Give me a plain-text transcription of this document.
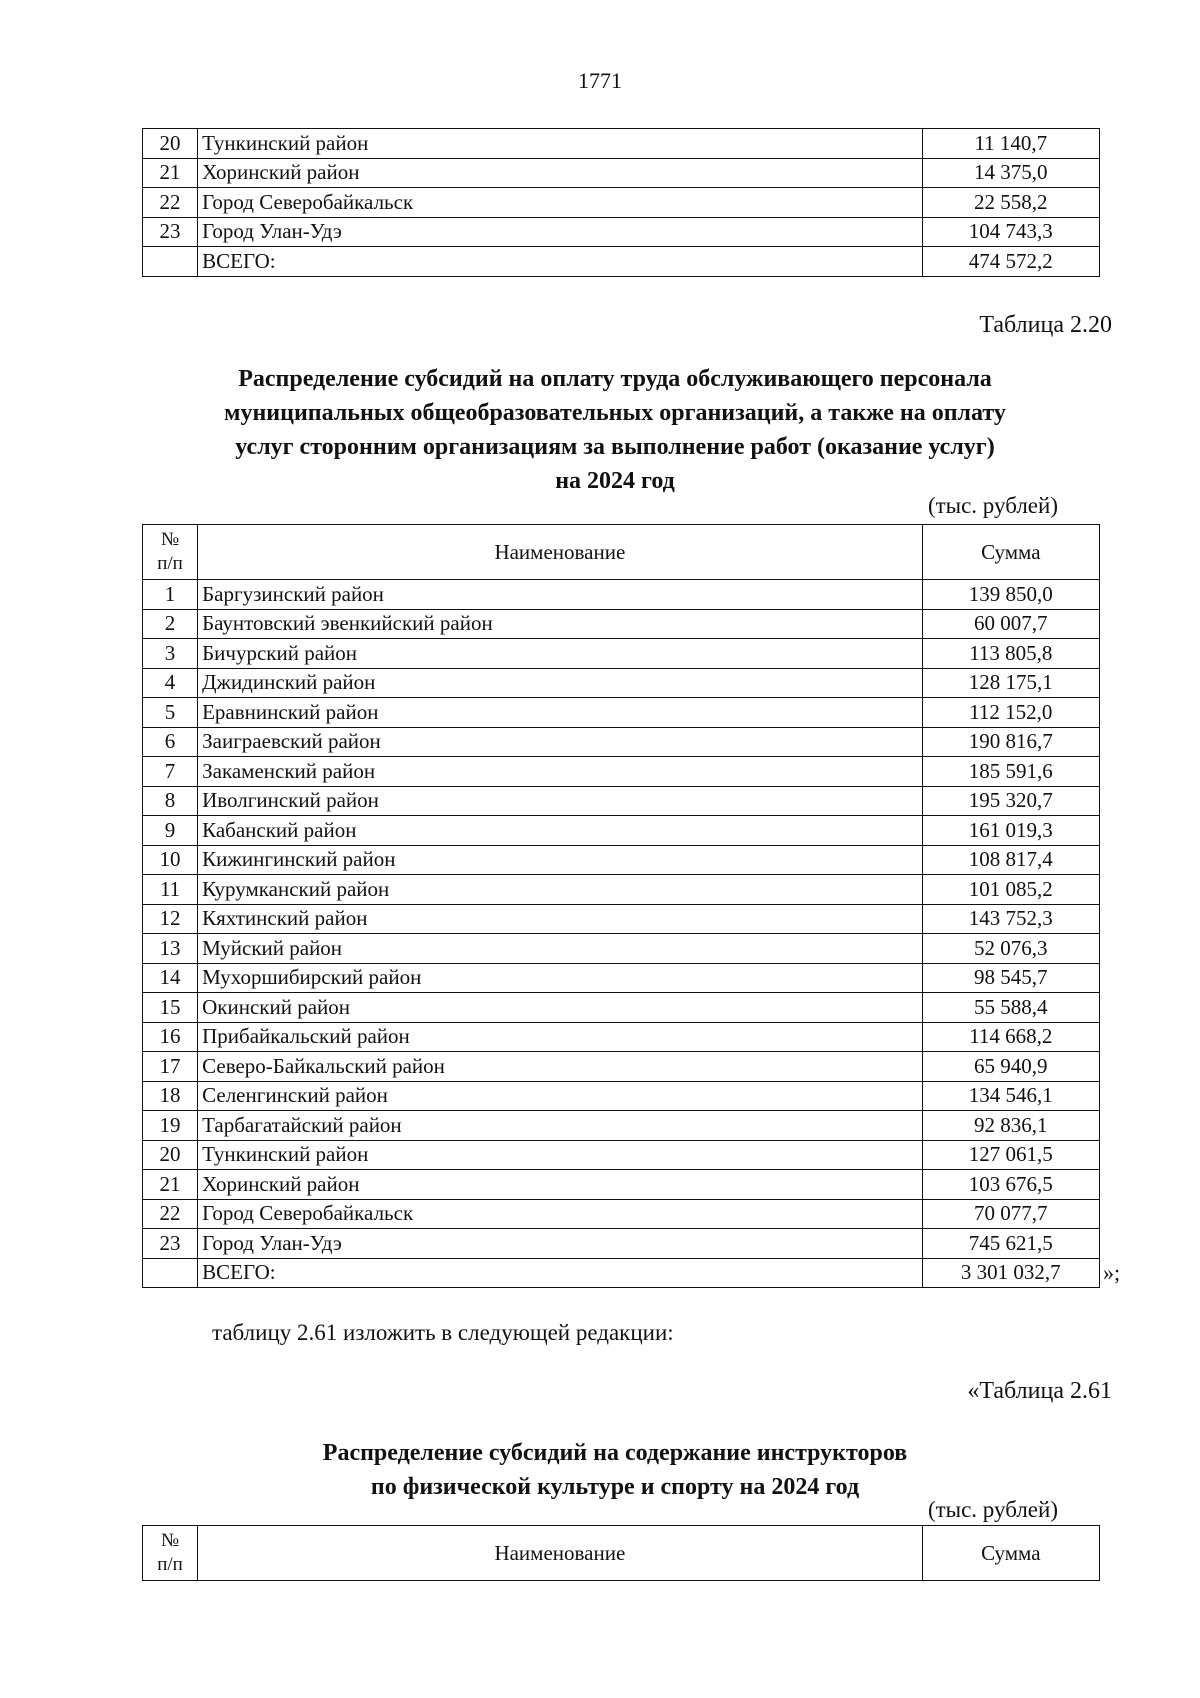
1771
20	Тункинский район	11 140,7
21	Хоринский район	14 375,0
22	Город Северобайкальск	22 558,2
23	Город Улан-Удэ	104 743,3
	ВСЕГО:	474 572,2
Таблица 2.20
Распределение субсидий на оплату труда обслуживающего персонала
муниципальных общеобразовательных организаций, а также на оплату
услуг сторонним организациям за выполнение работ (оказание услуг)
на 2024 год
(тыс. рублей)
№
п/п	Наименование	Сумма
1	Баргузинский район	139 850,0
2	Баунтовский эвенкийский район	60 007,7
3	Бичурский район	113 805,8
4	Джидинский район	128 175,1
5	Еравнинский район	112 152,0
6	Заиграевский район	190 816,7
7	Закаменский район	185 591,6
8	Иволгинский район	195 320,7
9	Кабанский район	161 019,3
10	Кижингинский район	108 817,4
11	Курумканский район	101 085,2
12	Кяхтинский район	143 752,3
13	Муйский район	52 076,3
14	Мухоршибирский район	98 545,7
15	Окинский район	55 588,4
16	Прибайкальский район	114 668,2
17	Северо-Байкальский район	65 940,9
18	Селенгинский район	134 546,1
19	Тарбагатайский район	92 836,1
20	Тункинский район	127 061,5
21	Хоринский район	103 676,5
22	Город Северобайкальск	70 077,7
23	Город Улан-Удэ	745 621,5
	ВСЕГО:	3 301 032,7 »;
таблицу 2.61 изложить в следующей редакции:
«Таблица 2.61
Распределение субсидий на содержание инструкторов
по физической культуре и спорту на 2024 год
(тыс. рублей)
№
п/п	Наименование	Сумма
